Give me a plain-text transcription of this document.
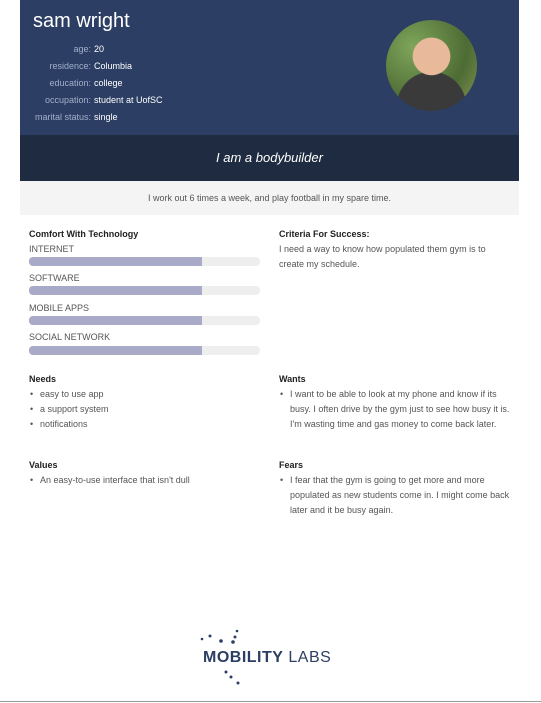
sam wright
age: 20
residence: Columbia
education: college
occupation: student at UofSC
marital status: single
I am a bodybuilder
I work out 6 times a week, and play football in my spare time.
Comfort With Technology
INTERNET
SOFTWARE
MOBILE APPS
SOCIAL NETWORK
Criteria For Success:
I need a way to know how populated them gym is to create my schedule.
Needs
• easy to use app
• a support system
• notifications
Wants
• I want to be able to look at my phone and know if its busy. I often drive by the gym just to see how busy it is. I'm wasting time and gas money to come back later.
Values
• An easy-to-use interface that isn't dull
Fears
• I fear that the gym is going to get more and more populated as new students come in. I might come back later and it be busy again.
MOBILITY LABS
